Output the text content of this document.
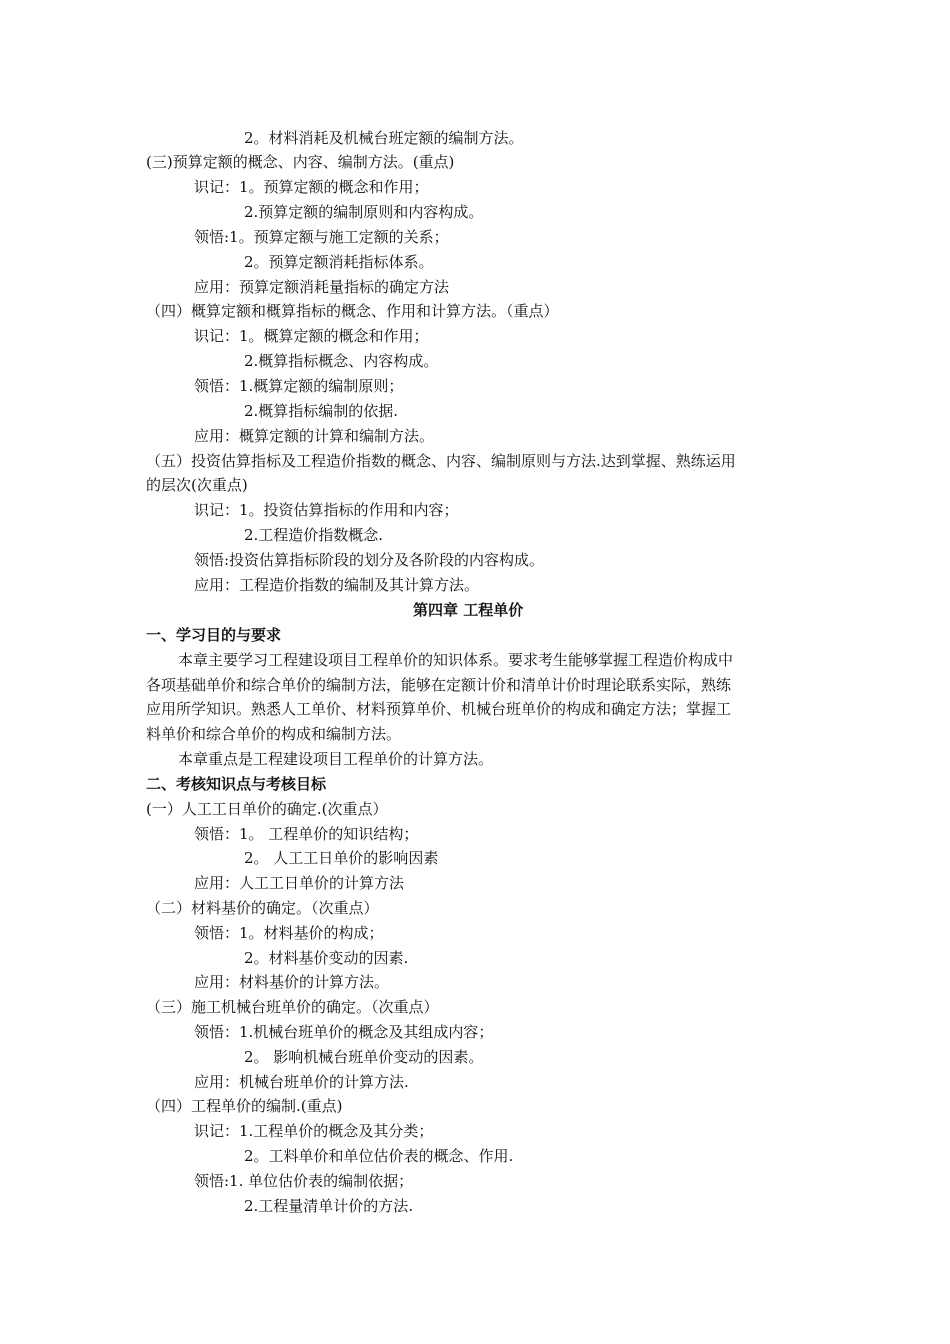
2。材料消耗及机械台班定额的编制方法。
(三)预算定额的概念、内容、编制方法。(重点)
识记：1。预算定额的概念和作用；
2.预算定额的编制原则和内容构成。
领悟:1。预算定额与施工定额的关系；
2。预算定额消耗指标体系。
应用：预算定额消耗量指标的确定方法
（四）概算定额和概算指标的概念、作用和计算方法。（重点）
识记：1。概算定额的概念和作用；
2.概算指标概念、内容构成。
领悟：1.概算定额的编制原则；
2.概算指标编制的依据.
应用：概算定额的计算和编制方法。
（五）投资估算指标及工程造价指数的概念、内容、编制原则与方法.达到掌握、熟练运用
的层次(次重点)
识记：1。投资估算指标的作用和内容；
2.工程造价指数概念.
领悟:投资估算指标阶段的划分及各阶段的内容构成。
应用：工程造价指数的编制及其计算方法。
第四章 工程单价
一、学习目的与要求
本章主要学习工程建设项目工程单价的知识体系。要求考生能够掌握工程造价构成中
各项基础单价和综合单价的编制方法，能够在定额计价和清单计价时理论联系实际，熟练
应用所学知识。熟悉人工单价、材料预算单价、机械台班单价的构成和确定方法；掌握工
料单价和综合单价的构成和编制方法。
本章重点是工程建设项目工程单价的计算方法。
二、考核知识点与考核目标
(一）人工工日单价的确定.(次重点）
领悟：1。 工程单价的知识结构；
2。 人工工日单价的影响因素
应用：人工工日单价的计算方法
（二）材料基价的确定。（次重点）
领悟：1。材料基价的构成；
2。材料基价变动的因素.
应用：材料基价的计算方法。
（三）施工机械台班单价的确定。（次重点）
领悟：1.机械台班单价的概念及其组成内容；
2。 影响机械台班单价变动的因素。
应用：机械台班单价的计算方法.
（四）工程单价的编制.(重点)
识记：1.工程单价的概念及其分类；
2。工料单价和单位估价表的概念、作用.
领悟:1. 单位估价表的编制依据；
2.工程量清单计价的方法.
